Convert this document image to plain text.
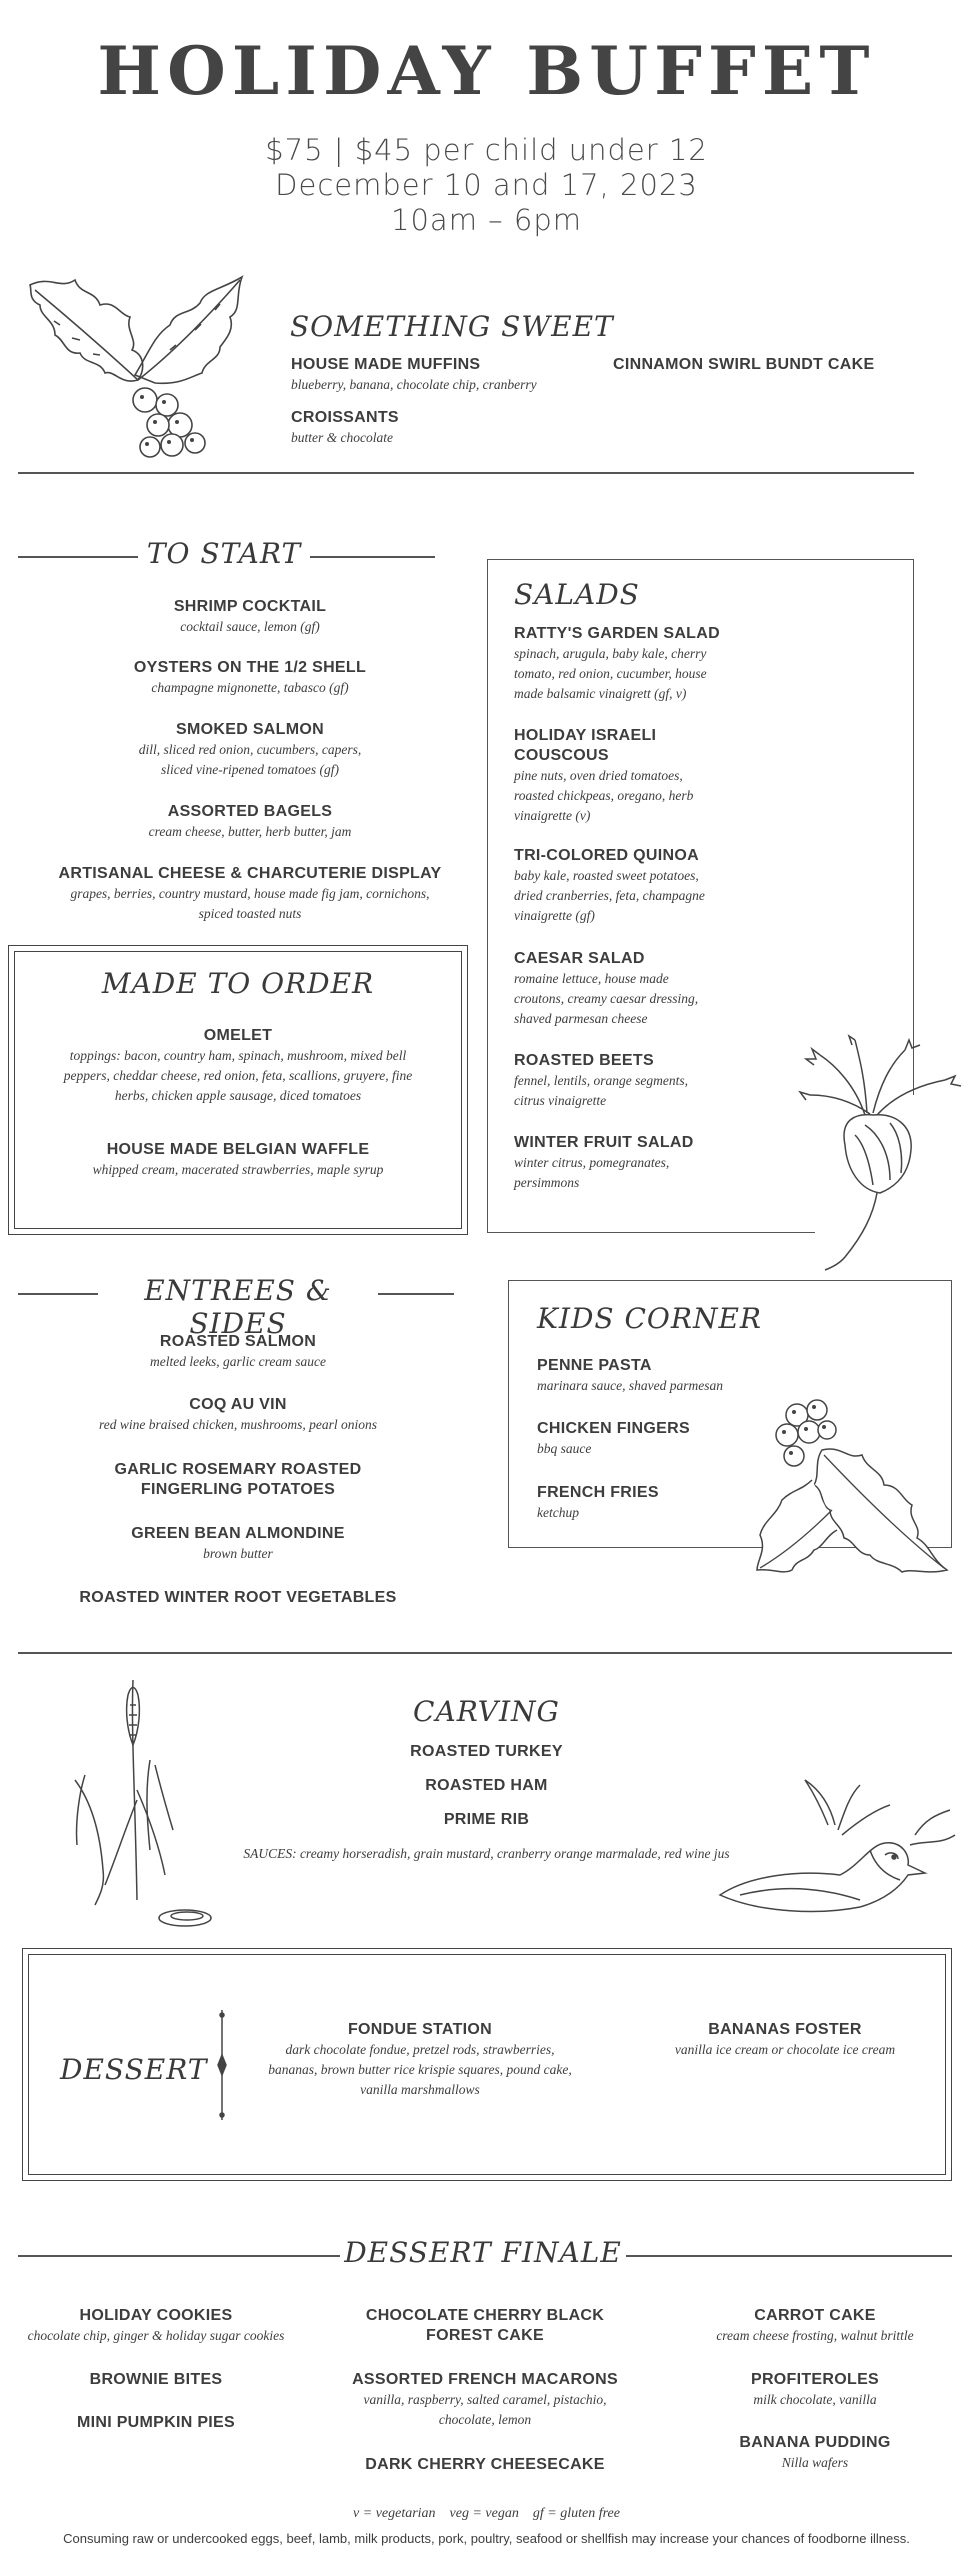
HOLIDAY BUFFET
$75 | $45 per child under 12
December 10 and 17, 2023
10am – 6pm
SOMETHING SWEET
HOUSE MADE MUFFINS
blueberry, banana, chocolate chip, cranberry
CROISSANTS
butter & chocolate
CINNAMON SWIRL BUNDT CAKE
TO START
SHRIMP COCKTAIL
cocktail sauce, lemon (gf)
OYSTERS ON THE 1/2 SHELL
champagne mignonette, tabasco (gf)
SMOKED SALMON
dill, sliced red onion, cucumbers, capers,
sliced vine-ripened tomatoes (gf)
ASSORTED BAGELS
cream cheese, butter, herb butter, jam
ARTISANAL CHEESE & CHARCUTERIE DISPLAY
grapes, berries, country mustard, house made fig jam, cornichons,
spiced toasted nuts
SALADS
RATTY'S GARDEN SALAD
spinach, arugula, baby kale, cherry
tomato, red onion, cucumber, house
made balsamic vinaigrett (gf, v)
HOLIDAY ISRAELI
COUSCOUS
pine nuts, oven dried tomatoes,
roasted chickpeas, oregano, herb
vinaigrette (v)
TRI-COLORED QUINOA
baby kale, roasted sweet potatoes,
dried cranberries, feta, champagne
vinaigrette (gf)
CAESAR SALAD
romaine lettuce, house made
croutons, creamy caesar dressing,
shaved parmesan cheese
ROASTED BEETS
fennel, lentils, orange segments,
citrus vinaigrette
WINTER FRUIT SALAD
winter citrus, pomegranates,
persimmons
MADE TO ORDER
OMELET
toppings: bacon, country ham, spinach, mushroom, mixed bell
peppers, cheddar cheese, red onion, feta, scallions, gruyere, fine
herbs, chicken apple sausage, diced tomatoes
HOUSE MADE BELGIAN WAFFLE
whipped cream, macerated strawberries, maple syrup
ENTREES & SIDES
ROASTED SALMON
melted leeks, garlic cream sauce
COQ AU VIN
red wine braised chicken, mushrooms, pearl onions
GARLIC ROSEMARY ROASTED
FINGERLING POTATOES
GREEN BEAN ALMONDINE
brown butter
ROASTED WINTER ROOT VEGETABLES
KIDS CORNER
PENNE PASTA
marinara sauce, shaved parmesan
CHICKEN FINGERS
bbq sauce
FRENCH FRIES
ketchup
CARVING
ROASTED TURKEY
ROASTED HAM
PRIME RIB
SAUCES: creamy horseradish, grain mustard, cranberry orange marmalade, red wine jus
DESSERT
FONDUE STATION
dark chocolate fondue, pretzel rods, strawberries,
bananas, brown butter rice krispie squares, pound cake,
vanilla marshmallows
BANANAS FOSTER
vanilla ice cream or chocolate ice cream
DESSERT FINALE
HOLIDAY COOKIES
chocolate chip, ginger & holiday sugar cookies
BROWNIE BITES
MINI PUMPKIN PIES
CHOCOLATE CHERRY BLACK
FOREST CAKE
ASSORTED FRENCH MACARONS
vanilla, raspberry, salted caramel, pistachio,
chocolate, lemon
DARK CHERRY CHEESECAKE
CARROT CAKE
cream cheese frosting, walnut brittle
PROFITEROLES
milk chocolate, vanilla
BANANA PUDDING
Nilla wafers
v = vegetarian    veg = vegan    gf = gluten free
Consuming raw or undercooked eggs, beef, lamb, milk products, pork, poultry, seafood or shellfish may increase your chances of foodborne illness.
